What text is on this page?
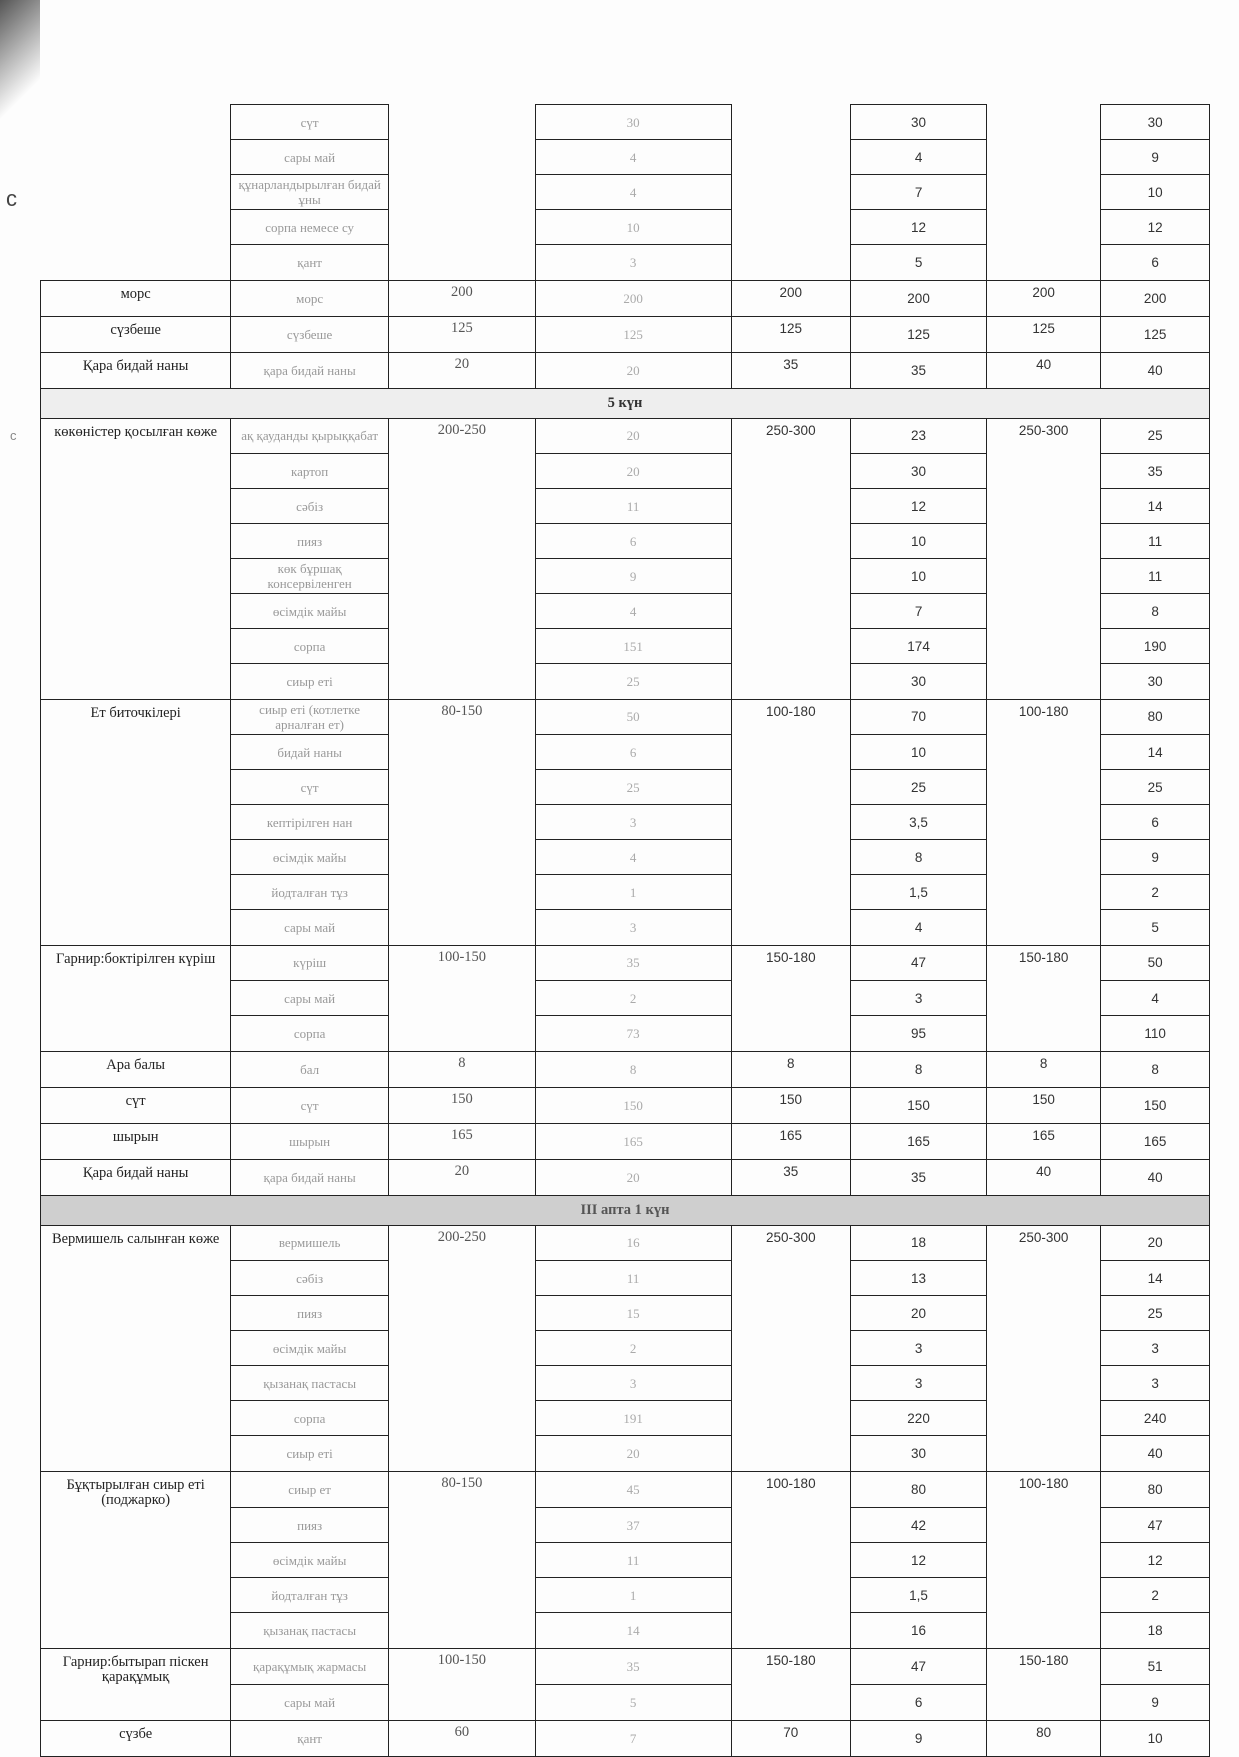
с
с
	сүт		30		30		30
	сары май		4		4		9
	құнарландырылған бидай ұны		4		7		10
	сорпа немесе су		10		12		12
	қант		3		5		6
морс	морс	200	200	200	200	200	200
сүзбеше	сүзбеше	125	125	125	125	125	125
Қара бидай наны	қара бидай наны	20	20	35	35	40	40
5 күн							
көкөністер қосылған көже	ақ қауданды қырыққабат	200-250	20	250-300	23	250-300	25
	картоп		20		30		35
	сәбіз		11		12		14
	пияз		6		10		11
	көк бұршақ консервіленген		9		10		11
	өсімдік майы		4		7		8
	сорпа		151		174		190
	сиыр еті		25		30		30
Ет биточкілері	сиыр еті (котлетке арналған ет)	80-150	50	100-180	70	100-180	80
	бидай наны		6		10		14
	сүт		25		25		25
	кептірілген нан		3		3,5		6
	өсімдік майы		4		8		9
	йодталған тұз		1		1,5		2
	сары май		3		4		5
Гарнир:боктірілген күріш	күріш	100-150	35	150-180	47	150-180	50
	сары май		2		3		4
	сорпа		73		95		110
Ара балы	бал	8	8	8	8	8	8
сүт	сүт	150	150	150	150	150	150
шырын	шырын	165	165	165	165	165	165
Қара бидай наны	қара бидай наны	20	20	35	35	40	40
III апта 1 күн							
Вермишель салынған көже	вермишель	200-250	16	250-300	18	250-300	20
	сәбіз		11		13		14
	пияз		15		20		25
	өсімдік майы		2		3		3
	қызанақ пастасы		3		3		3
	сорпа		191		220		240
	сиыр еті		20		30		40
Бұқтырылған сиыр еті (поджарко)	сиыр ет	80-150	45	100-180	80	100-180	80
	пияз		37		42		47
	өсімдік майы		11		12		12
	йодталған тұз		1		1,5		2
	қызанақ пастасы		14		16		18
Гарнир:бытырап піскен қарақұмық	қарақұмық жармасы	100-150	35	150-180	47	150-180	51
	сары май		5		6		9
сүзбе	қант	60	7	70	9	80	10
